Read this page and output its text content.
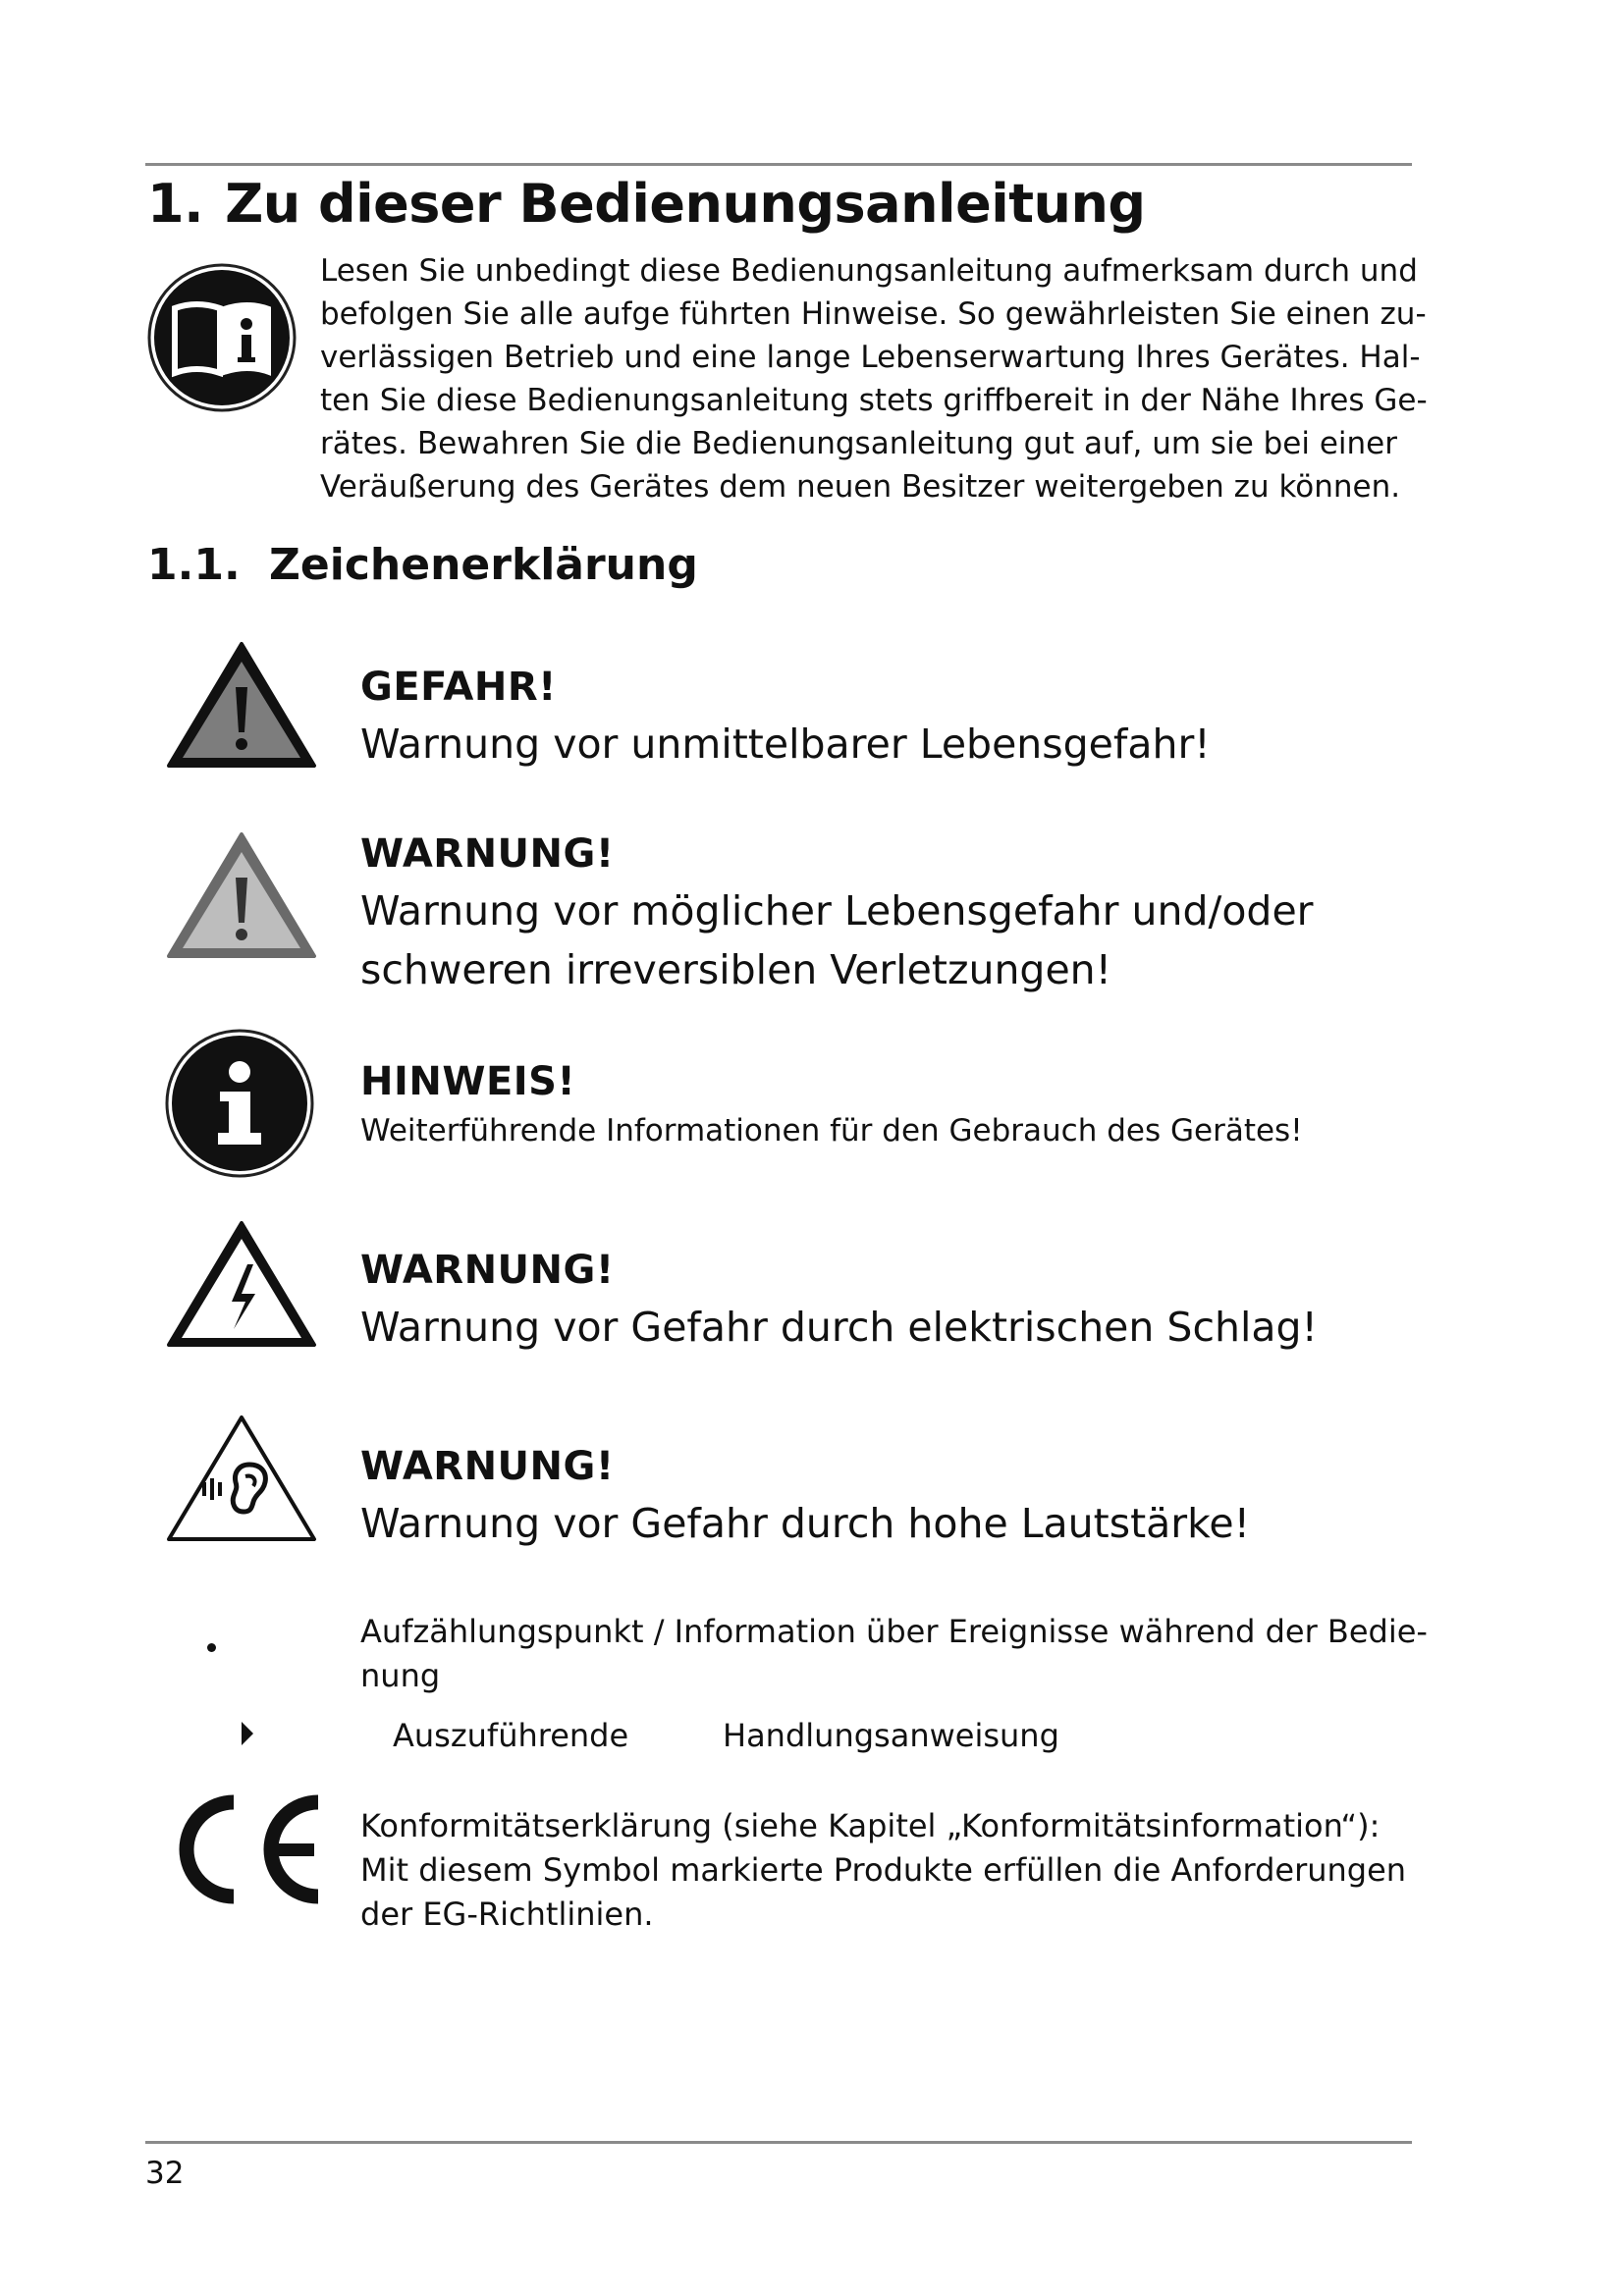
1. Zu dieser Bedienungsanleitung
Lesen Sie unbedingt diese Bedienungsanleitung aufmerksam durch und
befolgen Sie alle aufge führten Hinweise. So gewährleisten Sie einen zu-
verlässigen Betrieb und eine lange Lebenserwartung Ihres Gerätes. Hal-
ten Sie diese Bedienungsanleitung stets griffbereit in der Nähe Ihres Ge-
rätes. Bewahren Sie die Bedienungsanleitung gut auf, um sie bei einer
Veräußerung des Gerätes dem neuen Besitzer weitergeben zu können.
1.1. Zeichenerklärung
GEFAHR!
Warnung vor unmittelbarer Lebensgefahr!
WARNUNG!
Warnung vor möglicher Lebensgefahr und/oder
schweren irreversiblen Verletzungen!
HINWEIS!
Weiterführende Informationen für den Gebrauch des Gerätes!
WARNUNG!
Warnung vor Gefahr durch elektrischen Schlag!
WARNUNG!
Warnung vor Gefahr durch hohe Lautstärke!
Aufzählungspunkt / Information über Ereignisse während der Bedie-
nung
Auszuführende	Handlungsanweisung
Konformitätserklärung (siehe Kapitel „Konformitätsinformation“):
Mit diesem Symbol markierte Produkte erfüllen die Anforderungen
der EG-Richtlinien.
32
